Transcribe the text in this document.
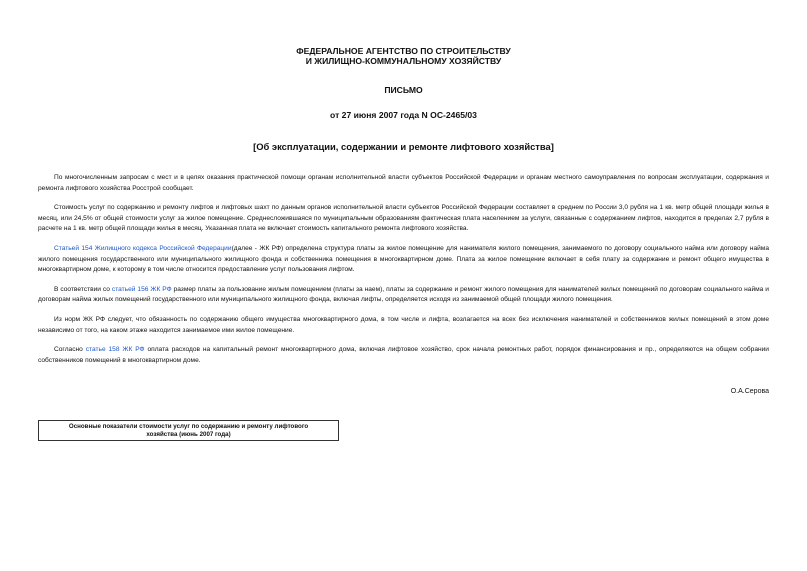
ФЕДЕРАЛЬНОЕ АГЕНТСТВО ПО СТРОИТЕЛЬСТВУ
И ЖИЛИЩНО-КОММУНАЛЬНОМУ ХОЗЯЙСТВУ
ПИСЬМО
от 27 июня 2007 года N ОС-2465/03
[Об эксплуатации, содержании и ремонте лифтового хозяйства]

По многочисленным запросам с мест и в целях оказания практической помощи органам исполнительной власти субъектов Российской Федерации и органам местного самоуправления по вопросам эксплуатации, содержания и ремонта лифтового хозяйства Росстрой сообщает.

Стоимость услуг по содержанию и ремонту лифтов и лифтовых шахт по данным органов исполнительной власти субъектов Российской Федерации составляет в среднем по России 3,0 рубля на 1 кв. метр общей площади жилья в месяц, или 24,5% от общей стоимости услуг за жилое помещение. Среднесложившаяся по муниципальным образованиям фактическая плата населением за услуги, связанные с содержанием лифтов, находится в пределах 2,7 рубля в расчете на 1 кв. метр общей площади жилья в месяц. Указанная плата не включает стоимость капитального ремонта лифтового хозяйства.

Статьей 154 Жилищного кодекса Российской Федерации(далее - ЖК РФ) определена структура платы за жилое помещение для нанимателя жилого помещения, занимаемого по договору социального найма или договору найма жилого помещения государственного или муниципального жилищного фонда и собственника помещения в многоквартирном доме. Плата за жилое помещение включает в себя плату за содержание и ремонт общего имущества в многоквартирном доме, к которому в том числе относится предоставление услуг пользования лифтом.

В соответствии со статьей 156 ЖК РФ размер платы за пользование жилым помещением (платы за наем), платы за содержание и ремонт жилого помещения для нанимателей жилых помещений по договорам социального найма и договорам найма жилых помещений государственного или муниципального жилищного фонда, включая лифты, определяется исходя из занимаемой общей площади жилого помещения.

Из норм ЖК РФ следует, что обязанность по содержанию общего имущества многоквартирного дома, в том числе и лифта, возлагается на всех без исключения нанимателей и собственников жилых помещений в этом доме независимо от того, на каком этаже находится занимаемое ими жилое помещение.

Согласно статье 158 ЖК РФ оплата расходов на капитальный ремонт многоквартирного дома, включая лифтовое хозяйство, срок начала ремонтных работ, порядок финансирования и пр., определяются на общем собрании собственников помещений в многоквартирном доме.

О.А.Серова
Основные показатели стоимости услуг по содержанию и ремонту лифтового
хозяйства (июнь 2007 года)
